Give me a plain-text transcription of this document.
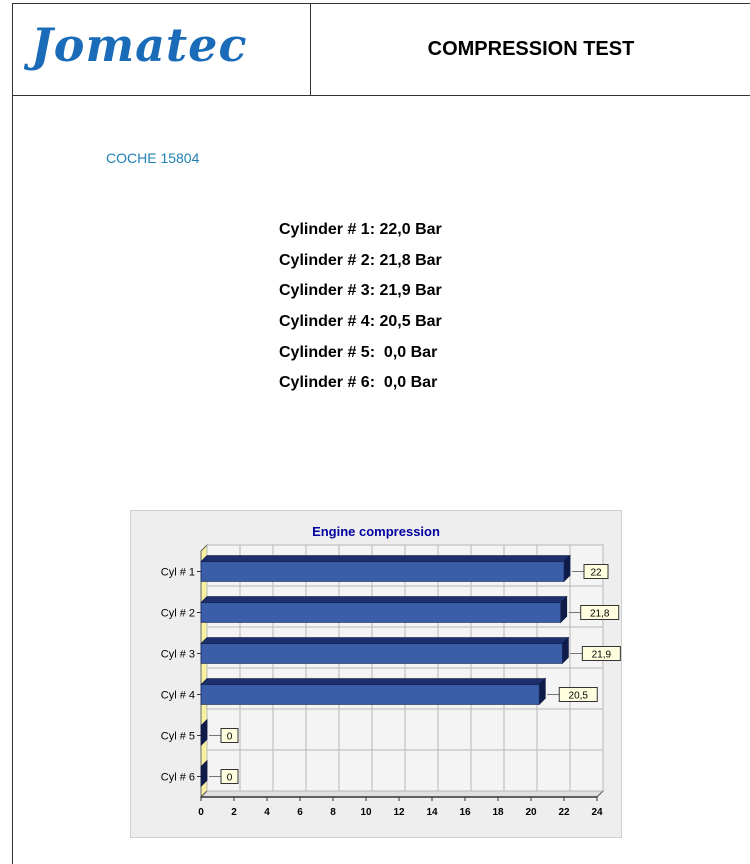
Jomatec	COMPRESSION TEST
COCHE 15804
Cylinder # 1: 22,0 Bar
Cylinder # 2: 21,8 Bar
Cylinder # 3: 21,9 Bar
Cylinder # 4: 20,5 Bar
Cylinder # 5:  0,0 Bar
Cylinder # 6:  0,0 Bar
Engine compression
0	2	4	6	8 10 12 14 16 18 20 22 24
Cyl # 1	22
Cyl # 2	21,8
Cyl # 3	21,9
Cyl # 4	20,5
Cyl # 5	0
Cyl # 6	0
